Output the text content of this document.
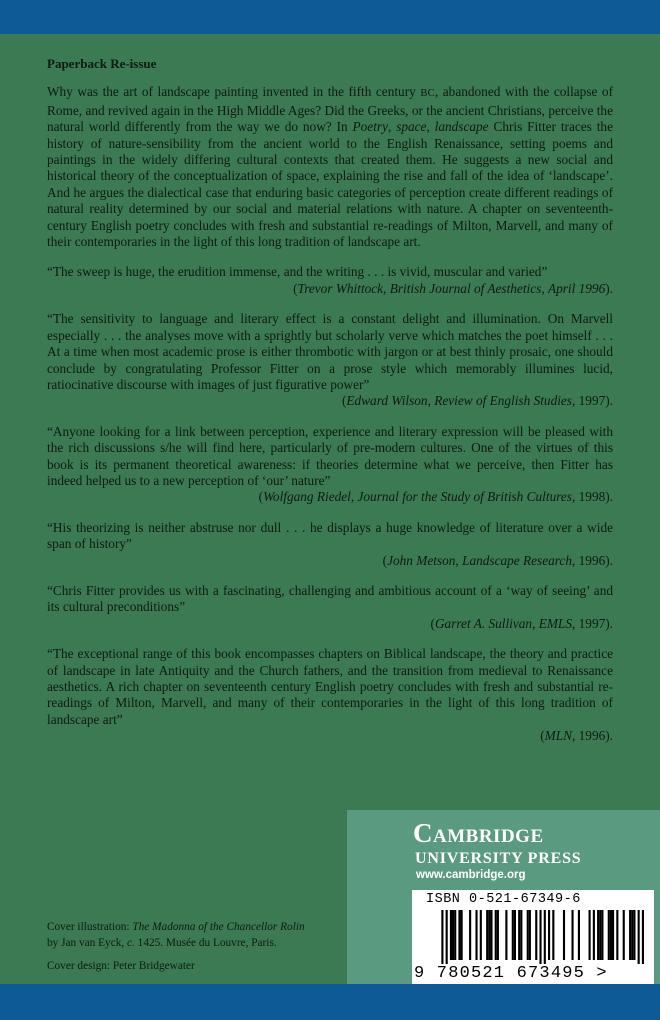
Paperback Re-issue

Why was the art of landscape painting invented in the fifth century BC, abandoned with the collapse of Rome, and revived again in the High Middle Ages? Did the Greeks, or the ancient Christians, perceive the natural world differently from the way we do now? In Poetry, space, landscape Chris Fitter traces the history of nature-sensibility from the ancient world to the English Renaissance, setting poems and paintings in the widely differing cultural contexts that created them. He suggests a new social and historical theory of the conceptualization of space, explaining the rise and fall of the idea of ‘landscape’. And he argues the dialectical case that enduring basic categories of perception create different readings of natural reality determined by our social and material relations with nature. A chapter on seventeenth-century English poetry concludes with fresh and substantial re-readings of Milton, Marvell, and many of their contemporaries in the light of this long tradition of landscape art.

“The sweep is huge, the erudition immense, and the writing . . . is vivid, muscular and varied”

(Trevor Whittock, British Journal of Aesthetics, April 1996).

“The sensitivity to language and literary effect is a constant delight and illumination. On Marvell especially . . . the analyses move with a sprightly but scholarly verve which matches the poet himself . . . At a time when most academic prose is either thrombotic with jargon or at best thinly prosaic, one should conclude by congratulating Professor Fitter on a prose style which memorably illumines lucid, ratiocinative discourse with images of just figurative power”

(Edward Wilson, Review of English Studies, 1997).

“Anyone looking for a link between perception, experience and literary expression will be pleased with the rich discussions s/he will find here, particularly of pre-modern cultures. One of the virtues of this book is its permanent theoretical awareness: if theories determine what we perceive, then Fitter has indeed helped us to a new perception of ‘our’ nature”

(Wolfgang Riedel, Journal for the Study of British Cultures, 1998).

“His theorizing is neither abstruse nor dull . . . he displays a huge knowledge of literature over a wide span of history”

(John Metson, Landscape Research, 1996).

“Chris Fitter provides us with a fascinating, challenging and ambitious account of a ‘way of seeing’ and its cultural preconditions”

(Garret A. Sullivan, EMLS, 1997).

“The exceptional range of this book encompasses chapters on Biblical landscape, the theory and practice of landscape in late Antiquity and the Church fathers, and the transition from medieval to Renaissance aesthetics. A rich chapter on seventeenth century English poetry concludes with fresh and substantial re-readings of Milton, Marvell, and many of their contemporaries in the light of this long tradition of landscape art”

(MLN, 1996).

Cover illustration: The Madonna of the Chancellor Rolin

by Jan van Eyck, c. 1425. Musée du Louvre, Paris.

Cover design: Peter Bridgewater

Cambridge
UNIVERSITY PRESS
www.cambridge.org
ISBN 0-521-67349-6
9 780521 673495 >
